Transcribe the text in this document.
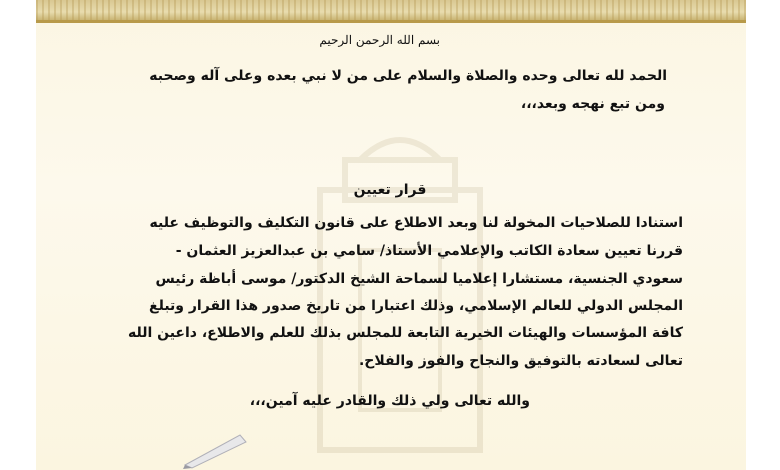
بسم الله الرحمن الرحيم
الحمد لله تعالى وحده والصلاة والسلام على من لا نبي بعده وعلى آله وصحبه
ومن تبع نهجه وبعد،،،
قرار تعيين
استنادا للصلاحيات المخولة لنا وبعد الاطلاع على قانون التكليف والتوظيف عليه
قررنا تعيين سعادة الكاتب والإعلامي الأستاذ/ سامي بن عبدالعزيز العثمان -
سعودي الجنسية، مستشارا إعلاميا لسماحة الشيخ الدكتور/ موسى أباظة رئيس
المجلس الدولي للعالم الإسلامي، وذلك اعتبارا من تاريخ صدور هذا القرار وتبلغ
كافة المؤسسات والهيئات الخيرية التابعة للمجلس بذلك للعلم والاطلاع، داعين الله
تعالى لسعادته بالتوفيق والنجاح والفوز والفلاح.
والله تعالى ولي ذلك والقادر عليه آمين،،،
